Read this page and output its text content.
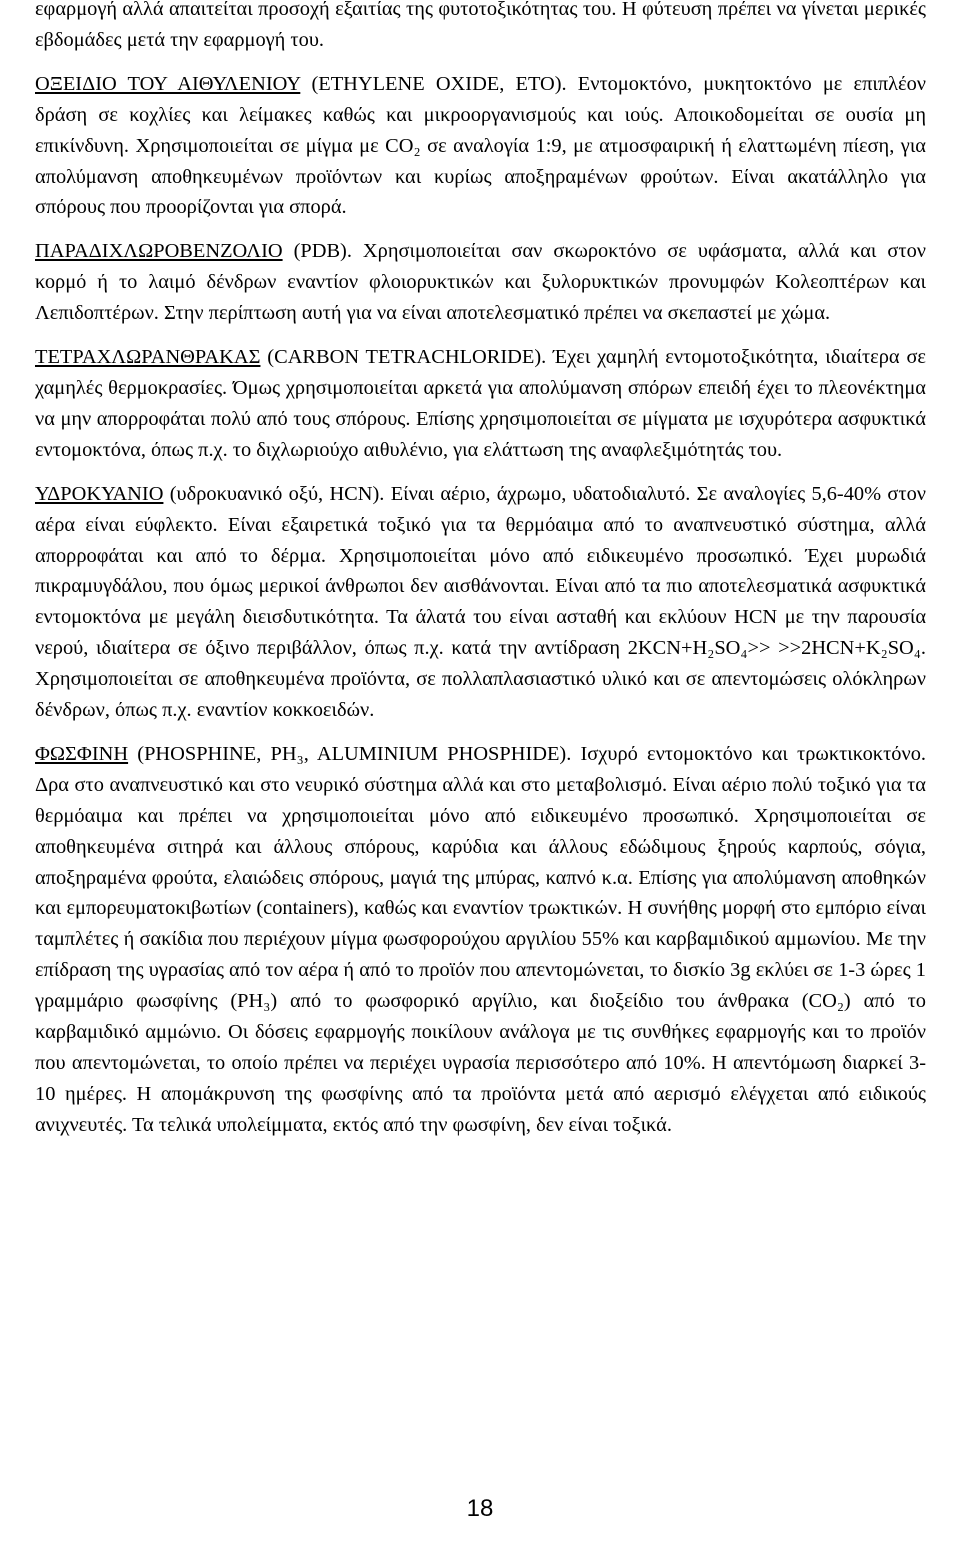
εφαρμογή αλλά απαιτείται προσοχή εξαιτίας της φυτοτοξικότητας του. Η φύτευση πρέπει να γίνεται μερικές εβδομάδες μετά την εφαρμογή του.

ΟΞΕΙΔΙΟ ΤΟΥ ΑΙΘΥΛΕΝΙΟΥ (ETHYLENE OXIDE, ETO). Εντομοκτόνο, μυκητοκτόνο με επιπλέον δράση σε κοχλίες και λείμακες καθώς και μικροοργανισμούς και ιούς. Αποικοδομείται σε ουσία μη επικίνδυνη. Χρησιμοποιείται σε μίγμα με CO₂ σε αναλογία 1:9, με ατμοσφαιρική ή ελαττωμένη πίεση, για απολύμανση αποθηκευμένων προϊόντων και κυρίως αποξηραμένων φρούτων. Είναι ακατάλληλο για σπόρους που προορίζονται για σπορά.

ΠΑΡΑΔΙΧΛΩΡΟΒΕΝΖΟΛΙΟ (PDB). Χρησιμοποιείται σαν σκωροκτόνο σε υφάσματα, αλλά και στον κορμό ή το λαιμό δένδρων εναντίον φλοιορυκτικών και ξυλορυκτικών προνυμφών Κολεοπτέρων και Λεπιδοπτέρων. Στην περίπτωση αυτή για να είναι αποτελεσματικό πρέπει να σκεπαστεί με χώμα.

ΤΕΤΡΑΧΛΩΡΑΝΘΡΑΚΑΣ (CARBON TETRACHLORIDE). Έχει χαμηλή εντομοτοξικότητα, ιδιαίτερα σε χαμηλές θερμοκρασίες. Όμως χρησιμοποιείται αρκετά για απολύμανση σπόρων επειδή έχει το πλεονέκτημα να μην απορροφάται πολύ από τους σπόρους. Επίσης χρησιμοποιείται σε μίγματα με ισχυρότερα ασφυκτικά εντομοκτόνα, όπως π.χ. το διχλωριούχο αιθυλένιο, για ελάττωση της αναφλεξιμότητάς του.

ΥΔΡΟΚΥΑΝΙΟ (υδροκυανικό οξύ, HCN). Είναι αέριο, άχρωμο, υδατοδιαλυτό. Σε αναλογίες 5,6-40% στον αέρα είναι εύφλεκτο. Είναι εξαιρετικά τοξικό για τα θερμόαιμα από το αναπνευστικό σύστημα, αλλά απορροφάται και από το δέρμα. Χρησιμοποιείται μόνο από ειδικευμένο προσωπικό. Έχει μυρωδιά πικραμυγδάλου, που όμως μερικοί άνθρωποι δεν αισθάνονται. Είναι από τα πιο αποτελεσματικά ασφυκτικά εντομοκτόνα με μεγάλη διεισδυτικότητα. Τα άλατά του είναι ασταθή και εκλύουν HCN με την παρουσία νερού, ιδιαίτερα σε όξινο περιβάλλον, όπως π.χ. κατά την αντίδραση 2KCN+H₂SO₄>> >>2HCN+K₂SO₄. Χρησιμοποιείται σε αποθηκευμένα προϊόντα, σε πολλαπλασιαστικό υλικό και σε απεντομώσεις ολόκληρων δένδρων, όπως π.χ. εναντίον κοκκοειδών.

ΦΩΣΦΙΝΗ (PHOSPHINE, PH₃, ALUMINIUM PHOSPHIDE). Ισχυρό εντομοκτόνο και τρωκτικοκτόνο. Δρα στο αναπνευστικό και στο νευρικό σύστημα αλλά και στο μεταβολισμό. Είναι αέριο πολύ τοξικό για τα θερμόαιμα και πρέπει να χρησιμοποιείται μόνο από ειδικευμένο προσωπικό. Χρησιμοποιείται σε αποθηκευμένα σιτηρά και άλλους σπόρους, καρύδια και άλλους εδώδιμους ξηρούς καρπούς, σόγια, αποξηραμένα φρούτα, ελαιώδεις σπόρους, μαγιά της μπύρας, καπνό κ.α. Επίσης για απολύμανση αποθηκών και εμπορευματοκιβωτίων (containers), καθώς και εναντίον τρωκτικών. Η συνήθης μορφή στο εμπόριο είναι ταμπλέτες ή σακίδια που περιέχουν μίγμα φωσφορούχου αργιλίου 55% και καρβαμιδικού αμμωνίου. Με την επίδραση της υγρασίας από τον αέρα ή από το προϊόν που απεντομώνεται, το δισκίο 3g εκλύει σε 1-3 ώρες 1 γραμμάριο φωσφίνης (PH₃) από το φωσφορικό αργίλιο, και διοξείδιο του άνθρακα (CO₂) από το καρβαμιδικό αμμώνιο. Οι δόσεις εφαρμογής ποικίλουν ανάλογα με τις συνθήκες εφαρμογής και το προϊόν που απεντομώνεται, το οποίο πρέπει να περιέχει υγρασία περισσότερο από 10%. Η απεντόμωση διαρκεί 3-10 ημέρες. Η απομάκρυνση της φωσφίνης από τα προϊόντα μετά από αερισμό ελέγχεται από ειδικούς ανιχνευτές. Τα τελικά υπολείμματα, εκτός από την φωσφίνη, δεν είναι τοξικά.

18
